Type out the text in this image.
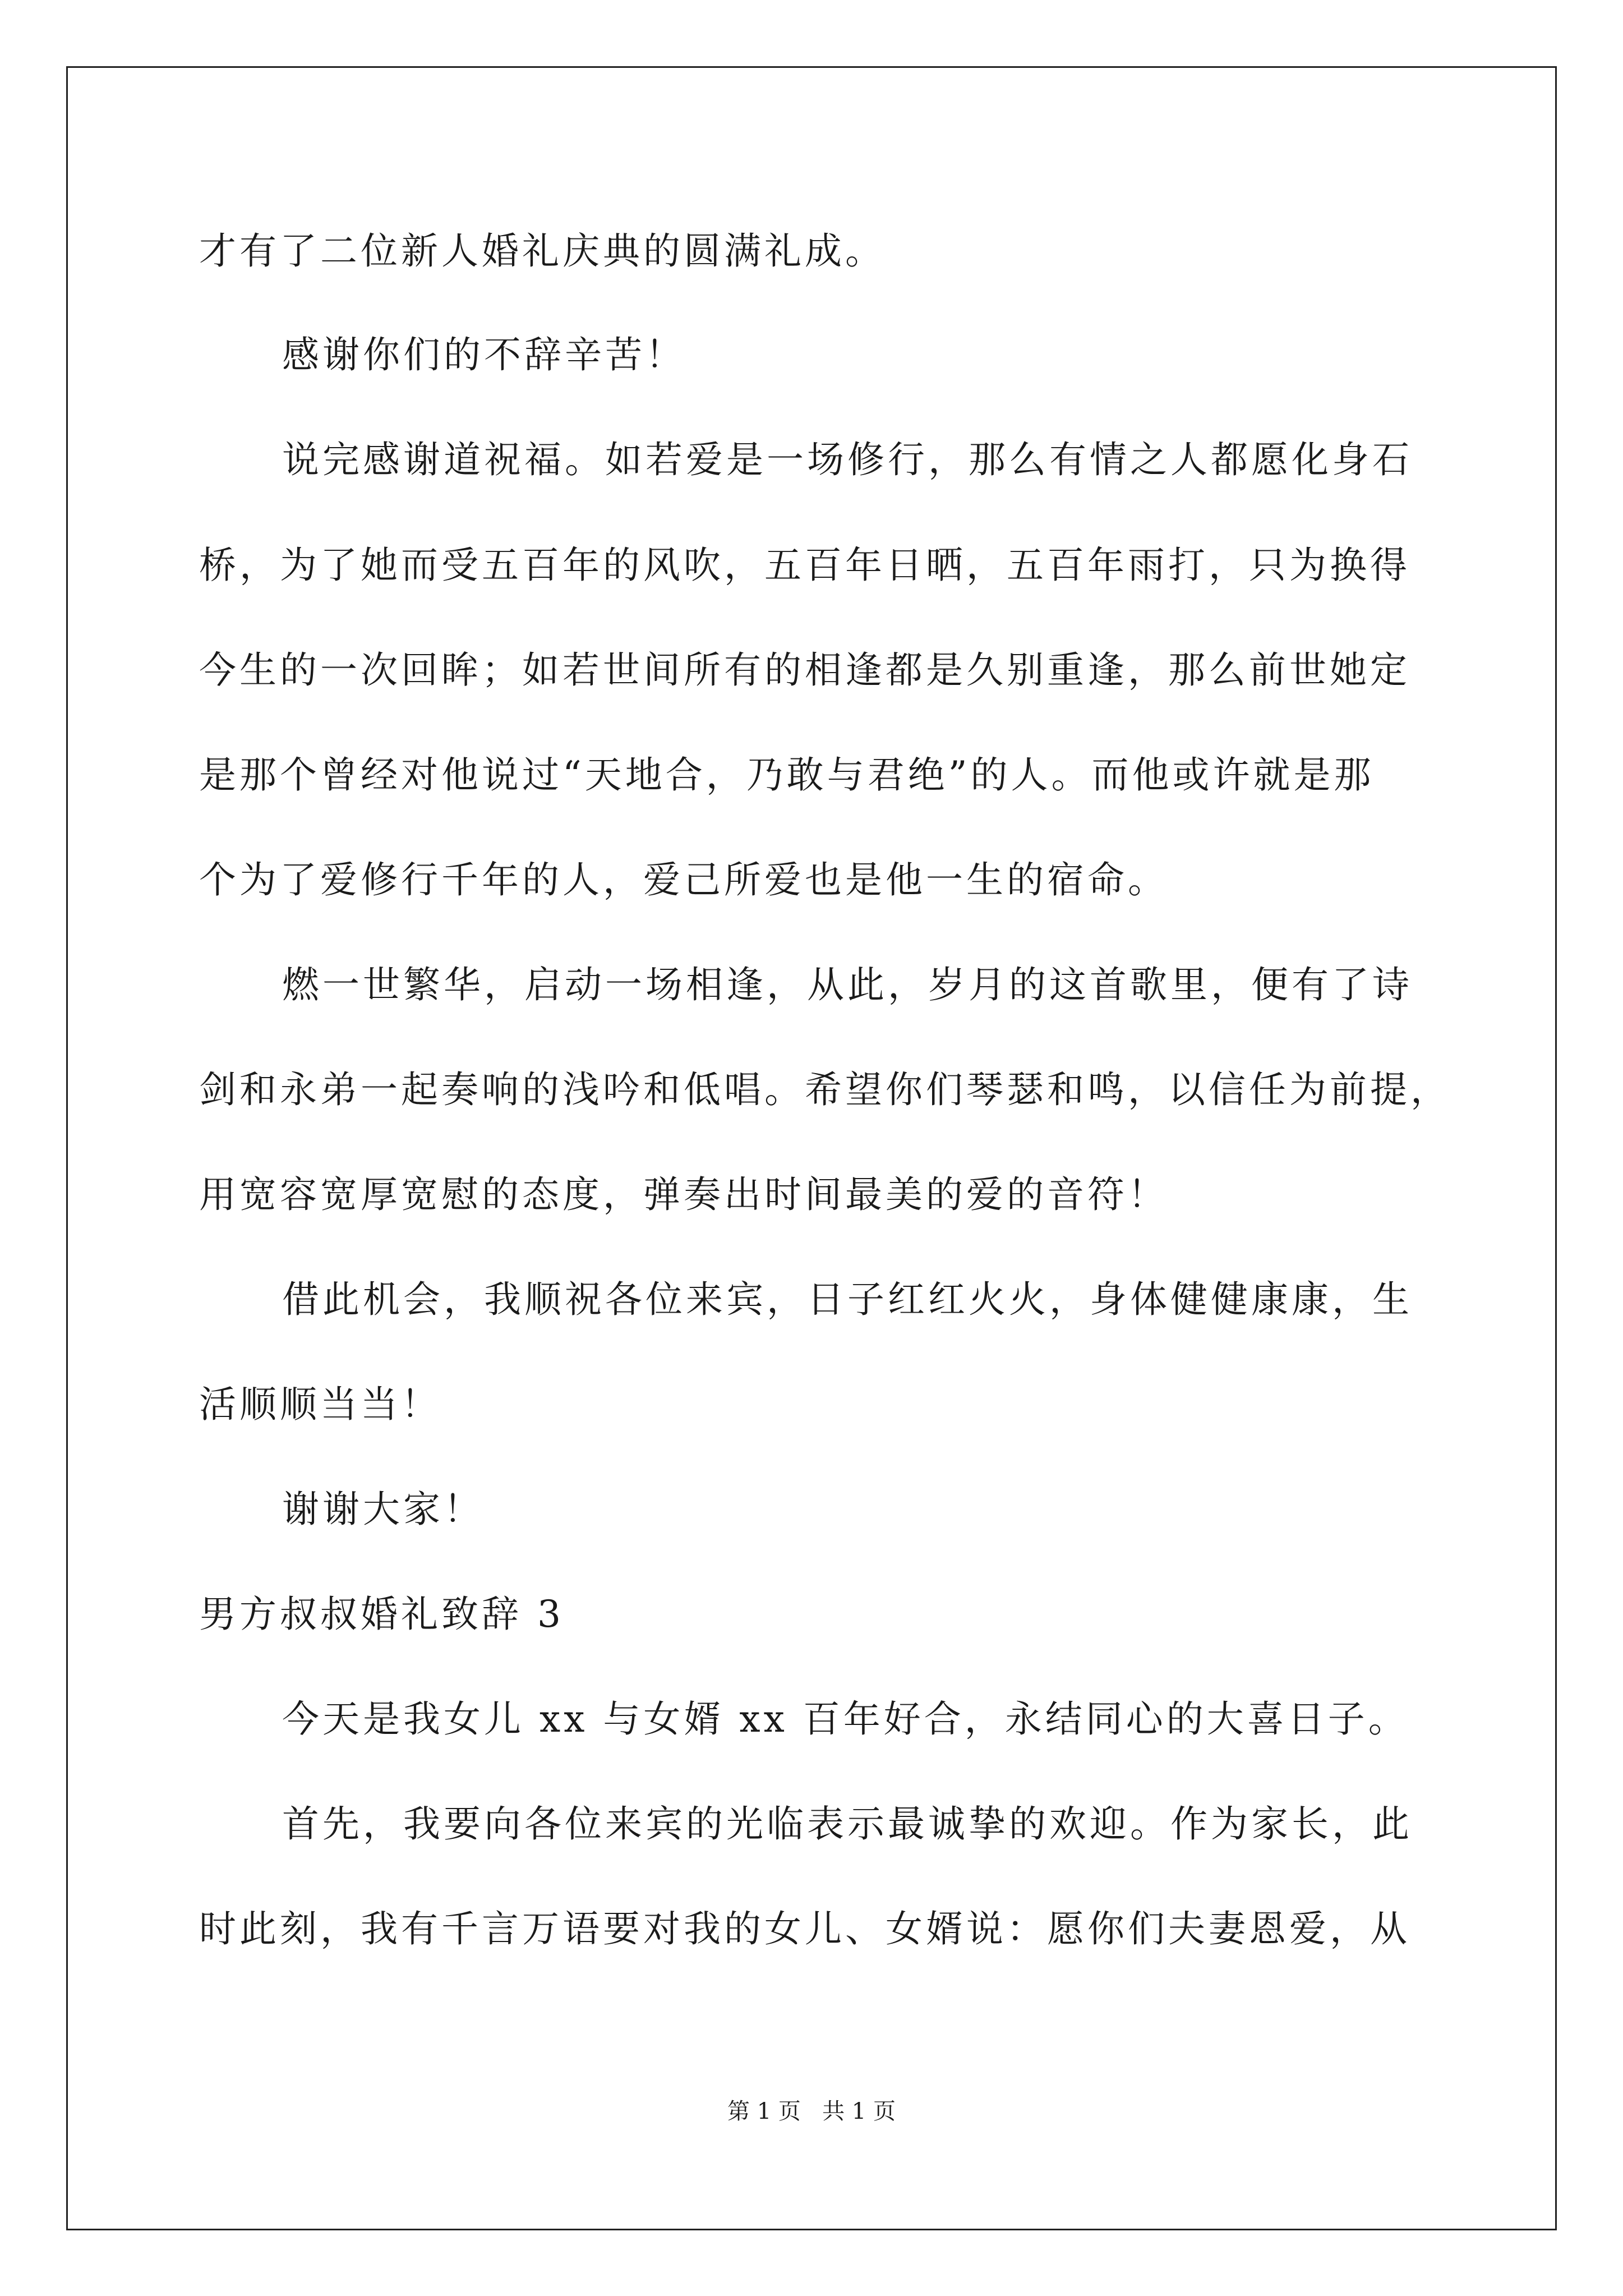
才有了二位新人婚礼庆典的圆满礼成。
感谢你们的不辞辛苦！
说完感谢道祝福。如若爱是一场修行，那么有情之人都愿化身石
桥，为了她而受五百年的风吹，五百年日晒，五百年雨打，只为换得
今生的一次回眸；如若世间所有的相逢都是久别重逢，那么前世她定
是那个曾经对他说过“天地合，乃敢与君绝”的人。而他或许就是那
个为了爱修行千年的人，爱己所爱也是他一生的宿命。
燃一世繁华，启动一场相逢，从此，岁月的这首歌里，便有了诗
剑和永弟一起奏响的浅吟和低唱。希望你们琴瑟和鸣，以信任为前提，
用宽容宽厚宽慰的态度，弹奏出时间最美的爱的音符！
借此机会，我顺祝各位来宾，日子红红火火，身体健健康康，生
活顺顺当当！
谢谢大家！
男方叔叔婚礼致辞 3
今天是我女儿 xx 与女婿 xx 百年好合，永结同心的大喜日子。
首先，我要向各位来宾的光临表示最诚挚的欢迎。作为家长，此
时此刻，我有千言万语要对我的女儿、女婿说：愿你们夫妻恩爱，从
第 1 页   共 1 页
